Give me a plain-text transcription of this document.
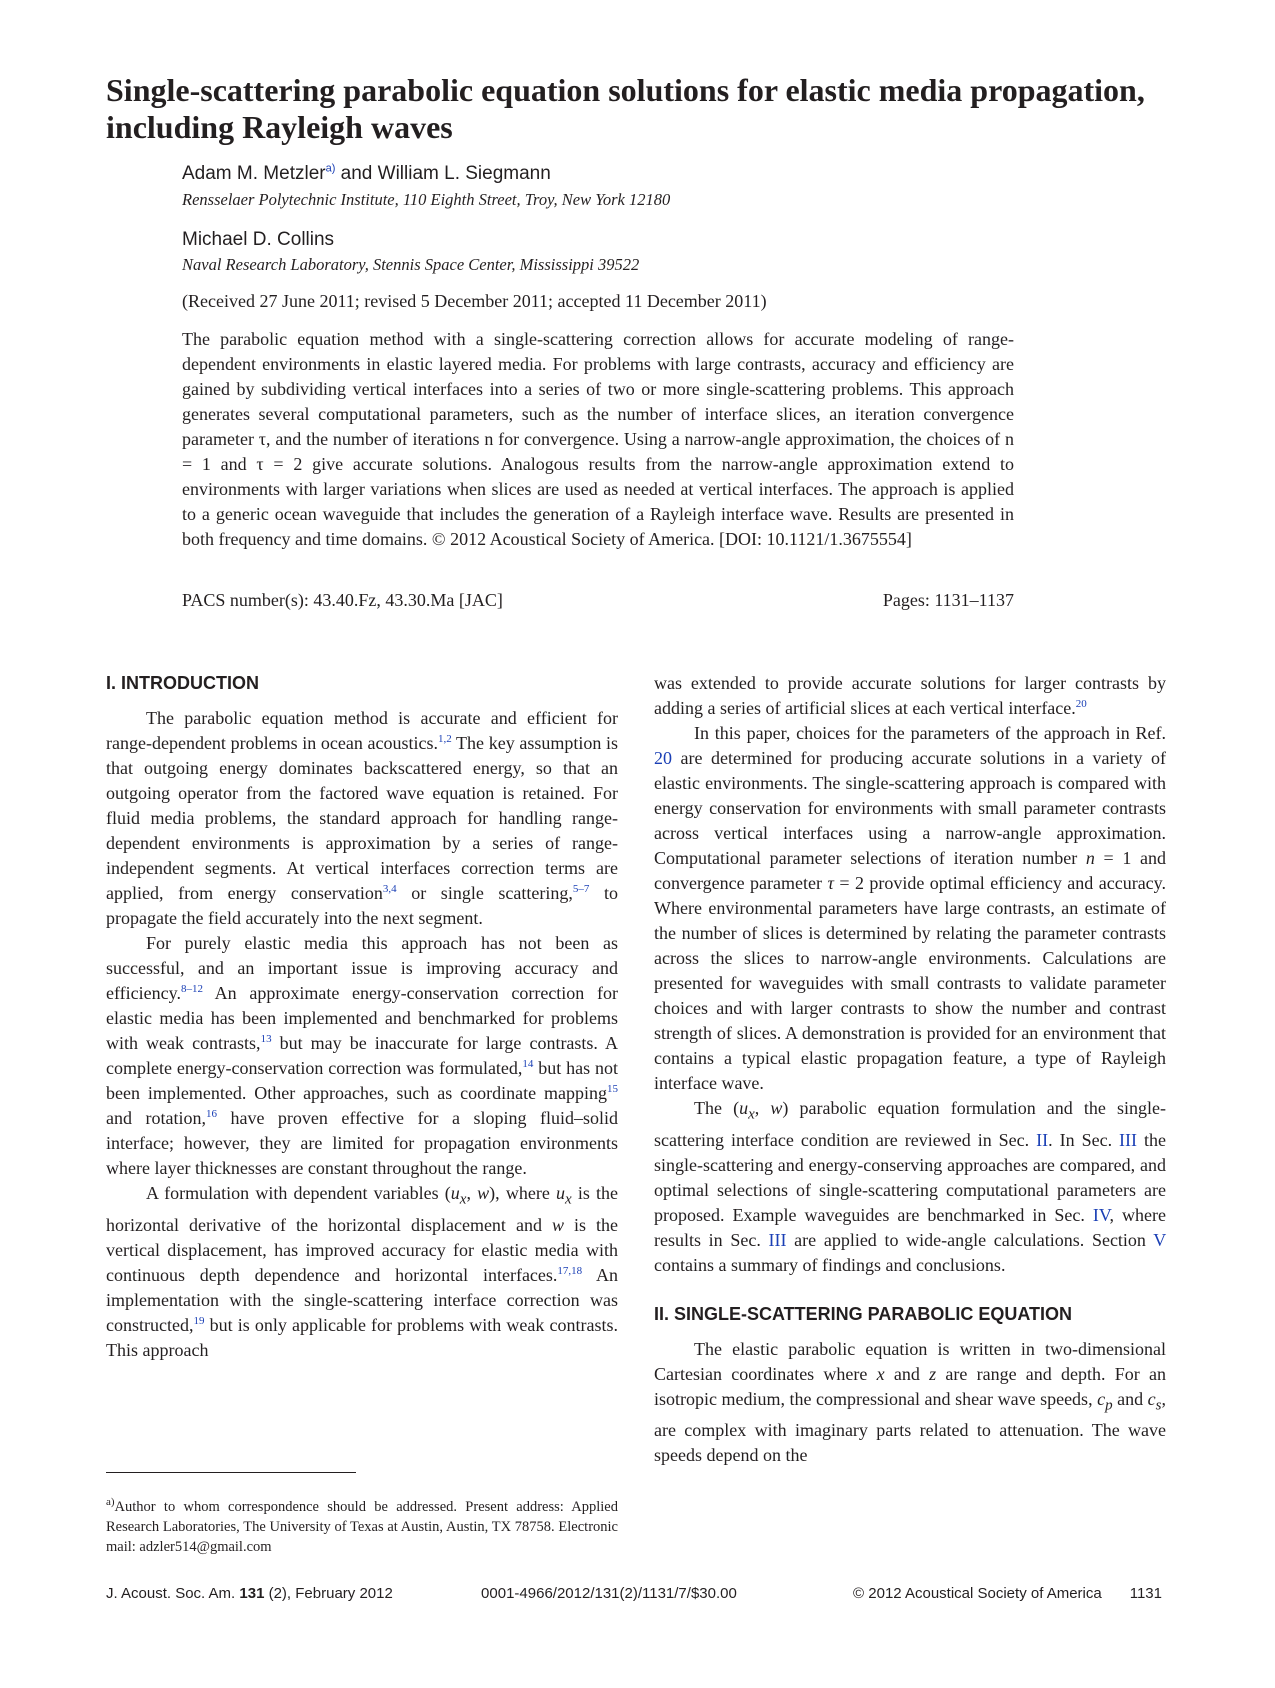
Single-scattering parabolic equation solutions for elastic media propagation, including Rayleigh waves
Adam M. Metzler$^{a)}$ and William L. Siegmann
Rensselaer Polytechnic Institute, 110 Eighth Street, Troy, New York 12180
Michael D. Collins
Naval Research Laboratory, Stennis Space Center, Mississippi 39522
(Received 27 June 2011; revised 5 December 2011; accepted 11 December 2011)

The parabolic equation method with a single-scattering correction allows for accurate modeling of range-dependent environments in elastic layered media. For problems with large contrasts, accuracy and efficiency are gained by subdividing vertical interfaces into a series of two or more single-scattering problems. This approach generates several computational parameters, such as the number of interface slices, an iteration convergence parameter τ, and the number of iterations n for convergence. Using a narrow-angle approximation, the choices of n = 1 and τ = 2 give accurate solutions. Analogous results from the narrow-angle approximation extend to environments with larger variations when slices are used as needed at vertical interfaces. The approach is applied to a generic ocean waveguide that includes the generation of a Rayleigh interface wave. Results are presented in both frequency and time domains. © 2012 Acoustical Society of America. [DOI: 10.1121/1.3675554]

PACS number(s): 43.40.Fz, 43.30.Ma [JAC]	Pages: 1131–1137
I. INTRODUCTION

The parabolic equation method is accurate and efficient for range-dependent problems in ocean acoustics.$^{1,2}$ The key assumption is that outgoing energy dominates backscattered energy, so that an outgoing operator from the factored wave equation is retained. For fluid media problems, the standard approach for handling range-dependent environments is approximation by a series of range-independent segments. At vertical interfaces correction terms are applied, from energy conservation$^{3,4}$ or single scattering,$^{5-7}$ to propagate the field accurately into the next segment.

For purely elastic media this approach has not been as successful, and an important issue is improving accuracy and efficiency.$^{8-12}$ An approximate energy-conservation correction for elastic media has been implemented and benchmarked for problems with weak contrasts,$^{13}$ but may be inaccurate for large contrasts. A complete energy-conservation correction was formulated,$^{14}$ but has not been implemented. Other approaches, such as coordinate mapping$^{15}$ and rotation,$^{16}$ have proven effective for a sloping fluid–solid interface; however, they are limited for propagation environments where layer thicknesses are constant throughout the range.

A formulation with dependent variables ($u_x$, w), where $u_x$ is the horizontal derivative of the horizontal displacement and w is the vertical displacement, has improved accuracy for elastic media with continuous depth dependence and horizontal interfaces.$^{17,18}$ An implementation with the single-scattering interface correction was constructed,$^{19}$ but is only applicable for problems with weak contrasts. This approach

$^{a)}$Author to whom correspondence should be addressed. Present address: Applied Research Laboratories, The University of Texas at Austin, Austin, TX 78758. Electronic mail: adzler514@gmail.com

was extended to provide accurate solutions for larger contrasts by adding a series of artificial slices at each vertical interface.$^{20}$

In this paper, choices for the parameters of the approach in Ref. 20 are determined for producing accurate solutions in a variety of elastic environments. The single-scattering approach is compared with energy conservation for environments with small parameter contrasts across vertical interfaces using a narrow-angle approximation. Computational parameter selections of iteration number n = 1 and convergence parameter τ = 2 provide optimal efficiency and accuracy. Where environmental parameters have large contrasts, an estimate of the number of slices is determined by relating the parameter contrasts across the slices to narrow-angle environments. Calculations are presented for waveguides with small contrasts to validate parameter choices and with larger contrasts to show the number and contrast strength of slices. A demonstration is provided for an environment that contains a typical elastic propagation feature, a type of Rayleigh interface wave.

The ($u_x$, w) parabolic equation formulation and the single-scattering interface condition are reviewed in Sec. II. In Sec. III the single-scattering and energy-conserving approaches are compared, and optimal selections of single-scattering computational parameters are proposed. Example waveguides are benchmarked in Sec. IV, where results in Sec. III are applied to wide-angle calculations. Section V contains a summary of findings and conclusions.

II. SINGLE-SCATTERING PARABOLIC EQUATION

The elastic parabolic equation is written in two-dimensional Cartesian coordinates where x and z are range and depth. For an isotropic medium, the compressional and shear wave speeds, $c_p$ and $c_s$, are complex with imaginary parts related to attenuation. The wave speeds depend on the

J. Acoust. Soc. Am. 131 (2), February 2012	0001-4966/2012/131(2)/1131/7/$30.00	© 2012 Acoustical Society of America 1131
